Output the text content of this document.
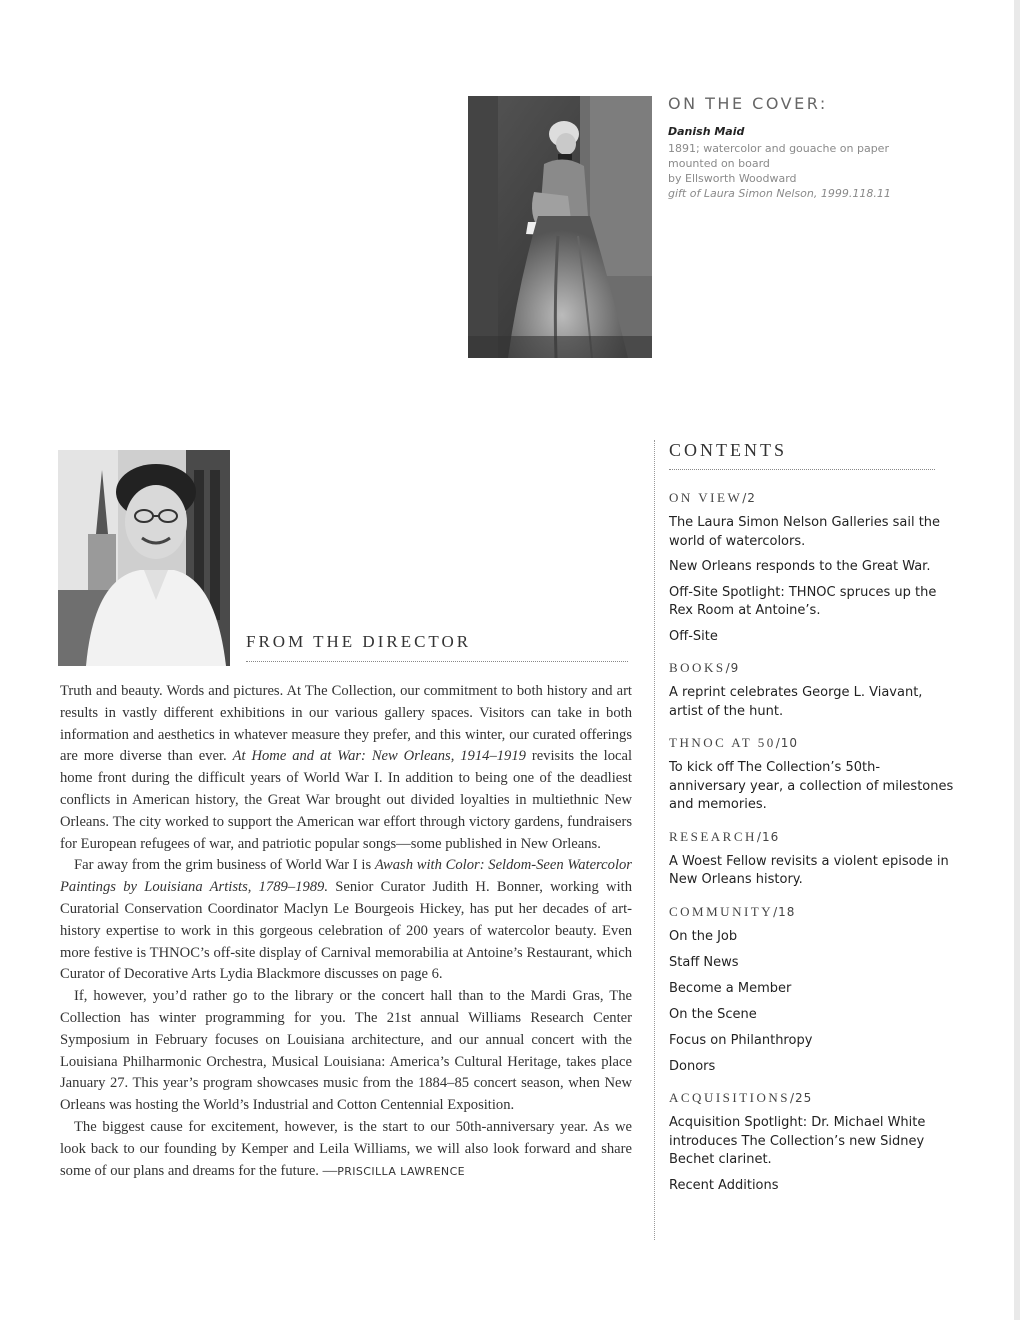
ON THE COVER:
Danish Maid
1891; watercolor and gouache on paper
mounted on board
by Ellsworth Woodward
gift of Laura Simon Nelson, 1999.118.11
FROM THE DIRECTOR

Truth and beauty. Words and pictures. At The Collection, our commitment to both history and art results in vastly different exhibitions in our various gallery spaces. Visitors can take in both information and aesthetics in whatever measure they prefer, and this winter, our curated offerings are more diverse than ever. At Home and at War: New Orleans, 1914–1919 revisits the local home front during the difficult years of World War I. In addition to being one of the deadliest conflicts in American history, the Great War brought out divided loyalties in multiethnic New Orleans. The city worked to support the American war effort through victory gardens, fundraisers for European refugees of war, and patriotic popular songs—some published in New Orleans.

Far away from the grim business of World War I is Awash with Color: Seldom-Seen Watercolor Paintings by Louisiana Artists, 1789–1989. Senior Curator Judith H. Bonner, working with Curatorial Conservation Coordinator Maclyn Le Bourgeois Hickey, has put her decades of art-history expertise to work in this gorgeous celebration of 200 years of watercolor beauty. Even more festive is THNOC’s off-site display of Carnival memorabilia at Antoine’s Restaurant, which Curator of Decorative Arts Lydia Blackmore discusses on page 6.

If, however, you’d rather go to the library or the concert hall than to the Mardi Gras, The Collection has winter programming for you. The 21st annual Williams Research Center Symposium in February focuses on Louisiana architecture, and our annual concert with the Louisiana Philharmonic Orchestra, Musical Louisiana: America’s Cultural Heritage, takes place January 27. This year’s program showcases music from the 1884–85 concert season, when New Orleans was hosting the World’s Industrial and Cotton Centennial Exposition.

The biggest cause for excitement, however, is the start to our 50th-anniversary year. As we look back to our founding by Kemper and Leila Williams, we will also look forward and share some of our plans and dreams for the future. —PRISCILLA LAWRENCE

CONTENTS
ON VIEW/2
The Laura Simon Nelson Galleries sail the world of watercolors.
New Orleans responds to the Great War.
Off-Site Spotlight: THNOC spruces up the Rex Room at Antoine’s.
Off-Site
BOOKS/9
A reprint celebrates George L. Viavant, artist of the hunt.
THNOC AT 50/10
To kick off The Collection’s 50th-anniversary year, a collection of milestones and memories.
RESEARCH/16
A Woest Fellow revisits a violent episode in New Orleans history.
COMMUNITY/18
On the Job
Staff News
Become a Member
On the Scene
Focus on Philanthropy
Donors
ACQUISITIONS/25
Acquisition Spotlight: Dr. Michael White introduces The Collection’s new Sidney Bechet clarinet.
Recent Additions
